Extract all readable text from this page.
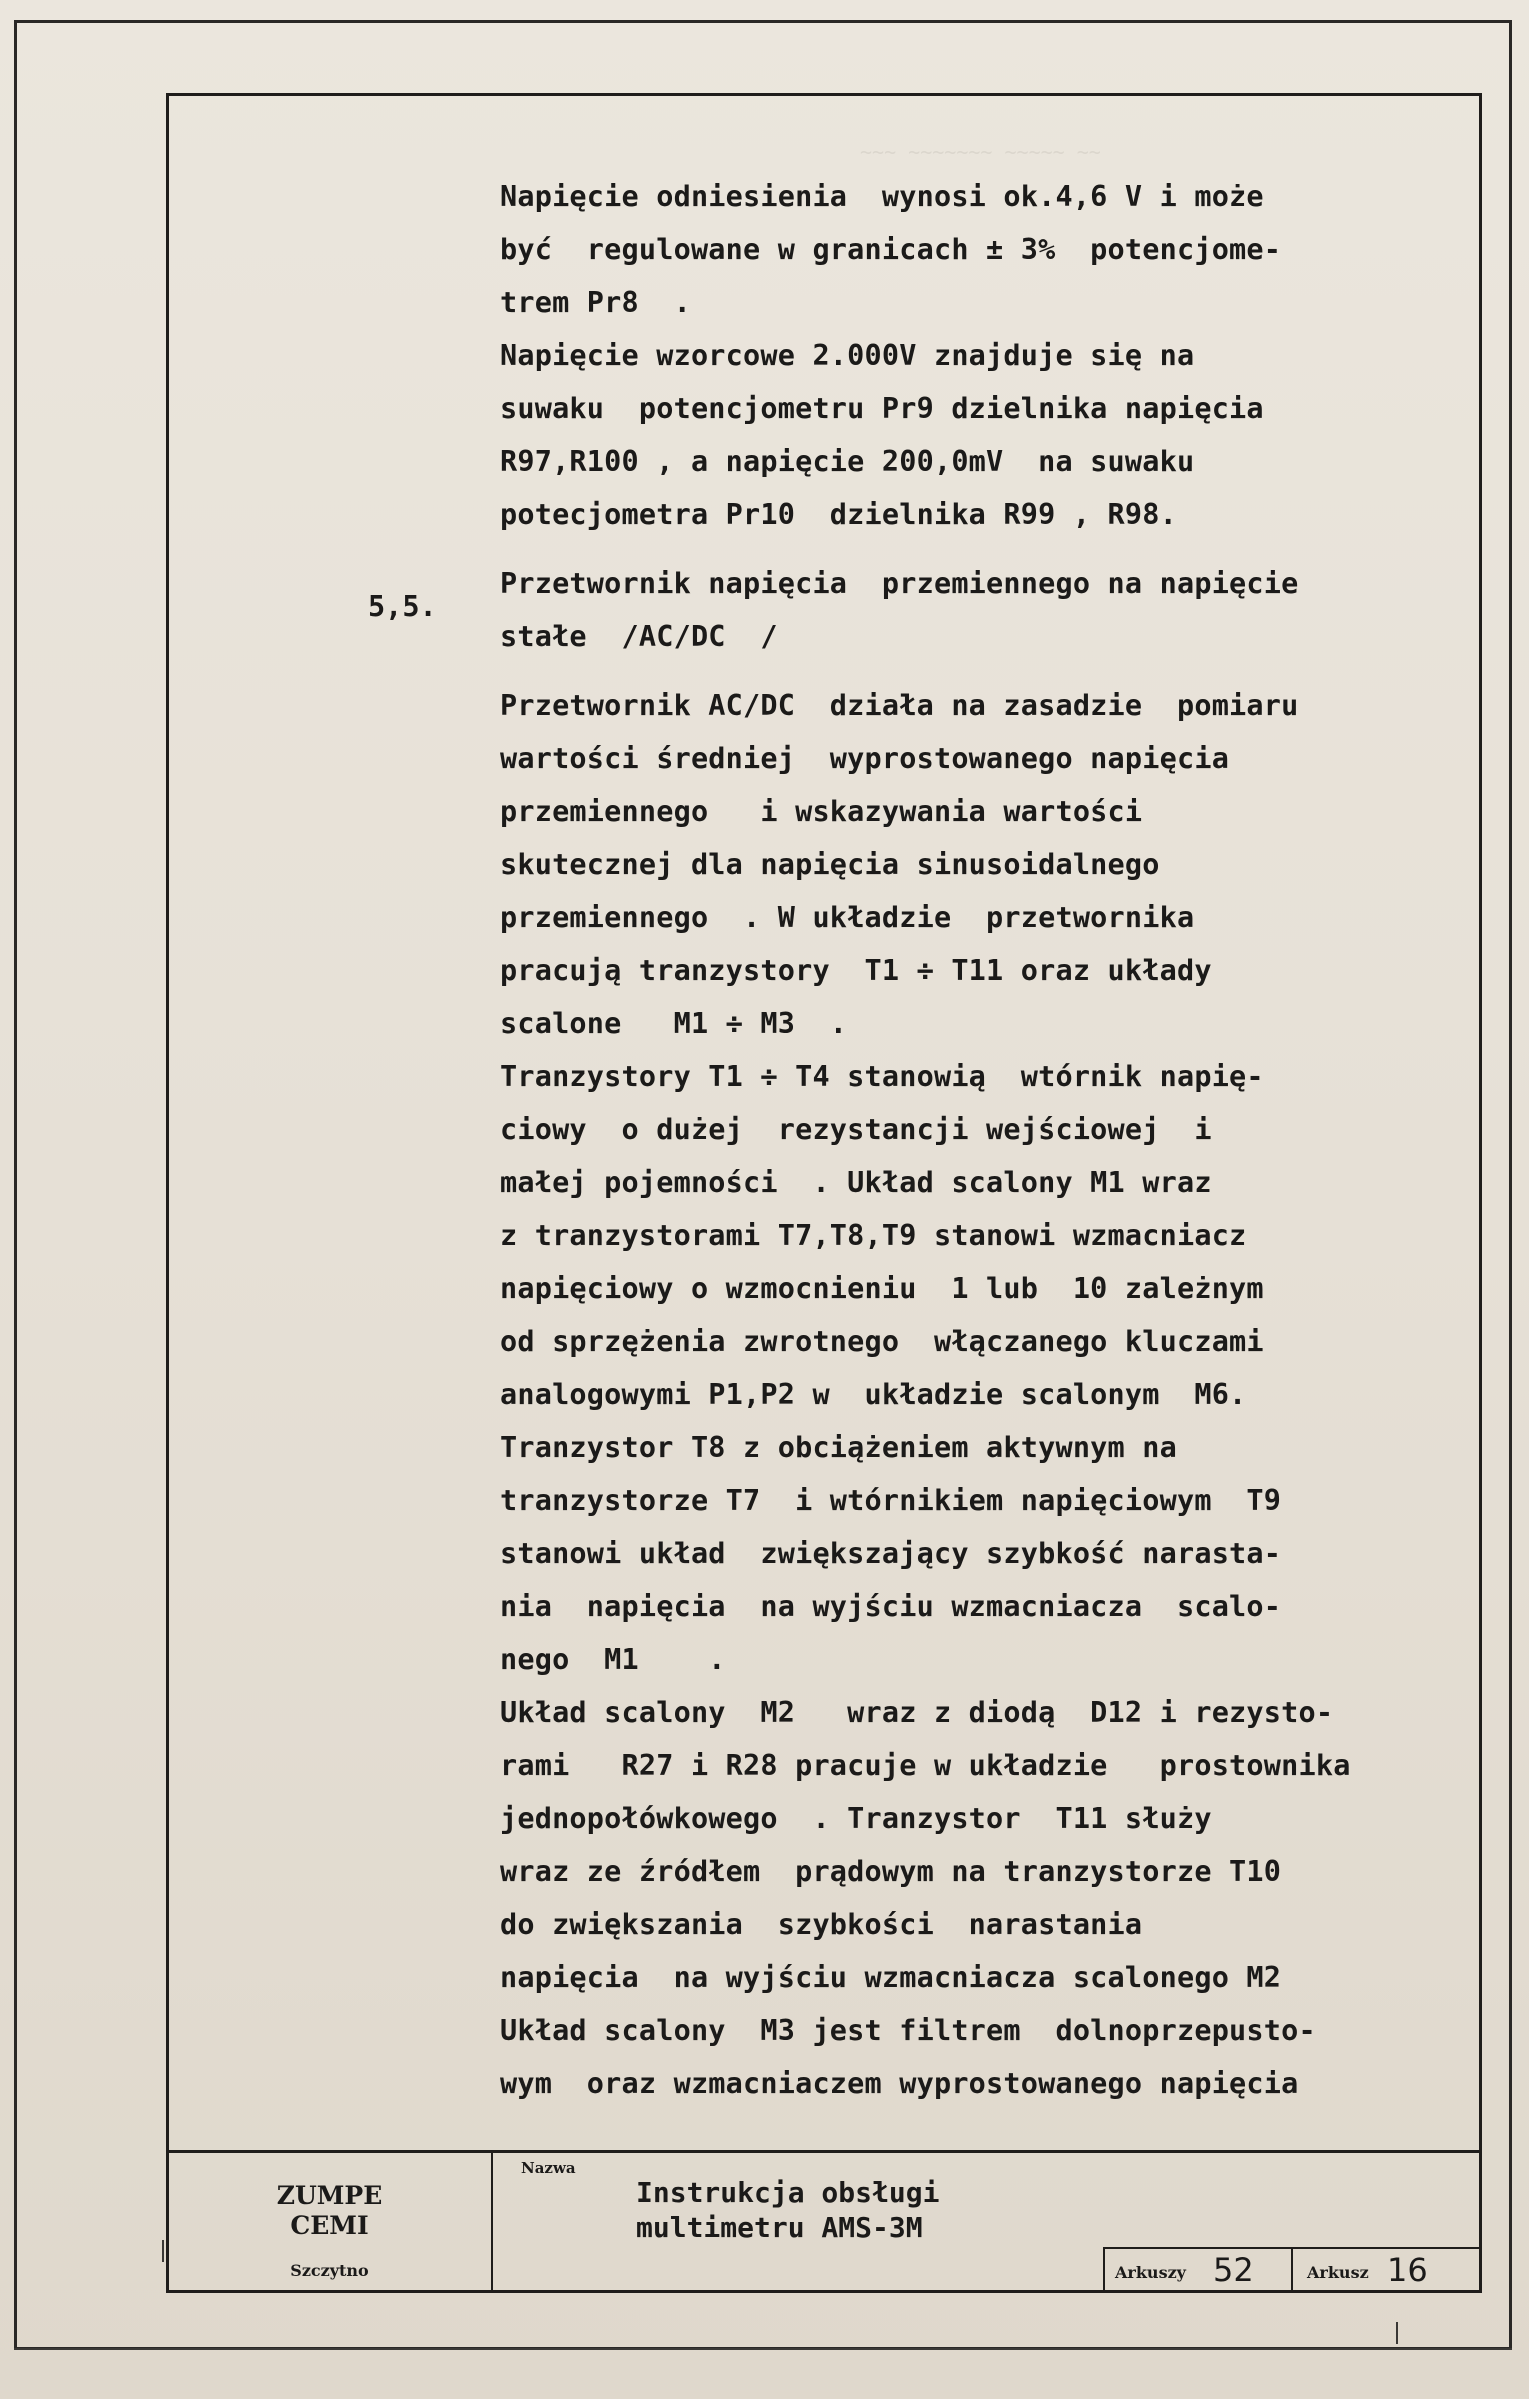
~~~ ~~~~~~~ ~~~~~ ~~
Napięcie odniesienia  wynosi ok.4,6 V i może
być  regulowane w granicach ± 3%  potencjome-
trem Pr8  .
Napięcie wzorcowe 2.000V znajduje się na
suwaku  potencjometru Pr9 dzielnika napięcia
R97,R100 , a napięcie 200,0mV  na suwaku
potecjometra Pr10  dzielnika R99 , R98.
Przetwornik napięcia  przemiennego na napięcie
stałe  /AC/DC  /
Przetwornik AC/DC  działa na zasadzie  pomiaru
wartości średniej  wyprostowanego napięcia
przemiennego   i wskazywania wartości
skutecznej dla napięcia sinusoidalnego
przemiennego  . W układzie  przetwornika
pracują tranzystory  T1 ÷ T11 oraz układy
scalone   M1 ÷ M3  .
Tranzystory T1 ÷ T4 stanowią  wtórnik napię-
ciowy  o dużej  rezystancji wejściowej  i
małej pojemności  . Układ scalony M1 wraz
z tranzystorami T7,T8,T9 stanowi wzmacniacz
napięciowy o wzmocnieniu  1 lub  10 zależnym
od sprzężenia zwrotnego  włączanego kluczami
analogowymi P1,P2 w  układzie scalonym  M6.
Tranzystor T8 z obciążeniem aktywnym na
tranzystorze T7  i wtórnikiem napięciowym  T9
stanowi układ  zwiększający szybkość narasta-
nia  napięcia  na wyjściu wzmacniacza  scalo-
nego  M1    .
Układ scalony  M2   wraz z diodą  D12 i rezysto-
rami   R27 i R28 pracuje w układzie   prostownika
jednopołówkowego  . Tranzystor  T11 służy
wraz ze źródłem  prądowym na tranzystorze T10
do zwiększania  szybkości  narastania
napięcia  na wyjściu wzmacniacza scalonego M2
Układ scalony  M3 jest filtrem  dolnoprzepusto-
wym  oraz wzmacniaczem wyprostowanego napięcia
5,5.
ZUMPE
CEMI
Szczytno
Nazwa
Instrukcja obsługi
multimetru AMS-3M
Arkuszy 52	Arkusz 16
